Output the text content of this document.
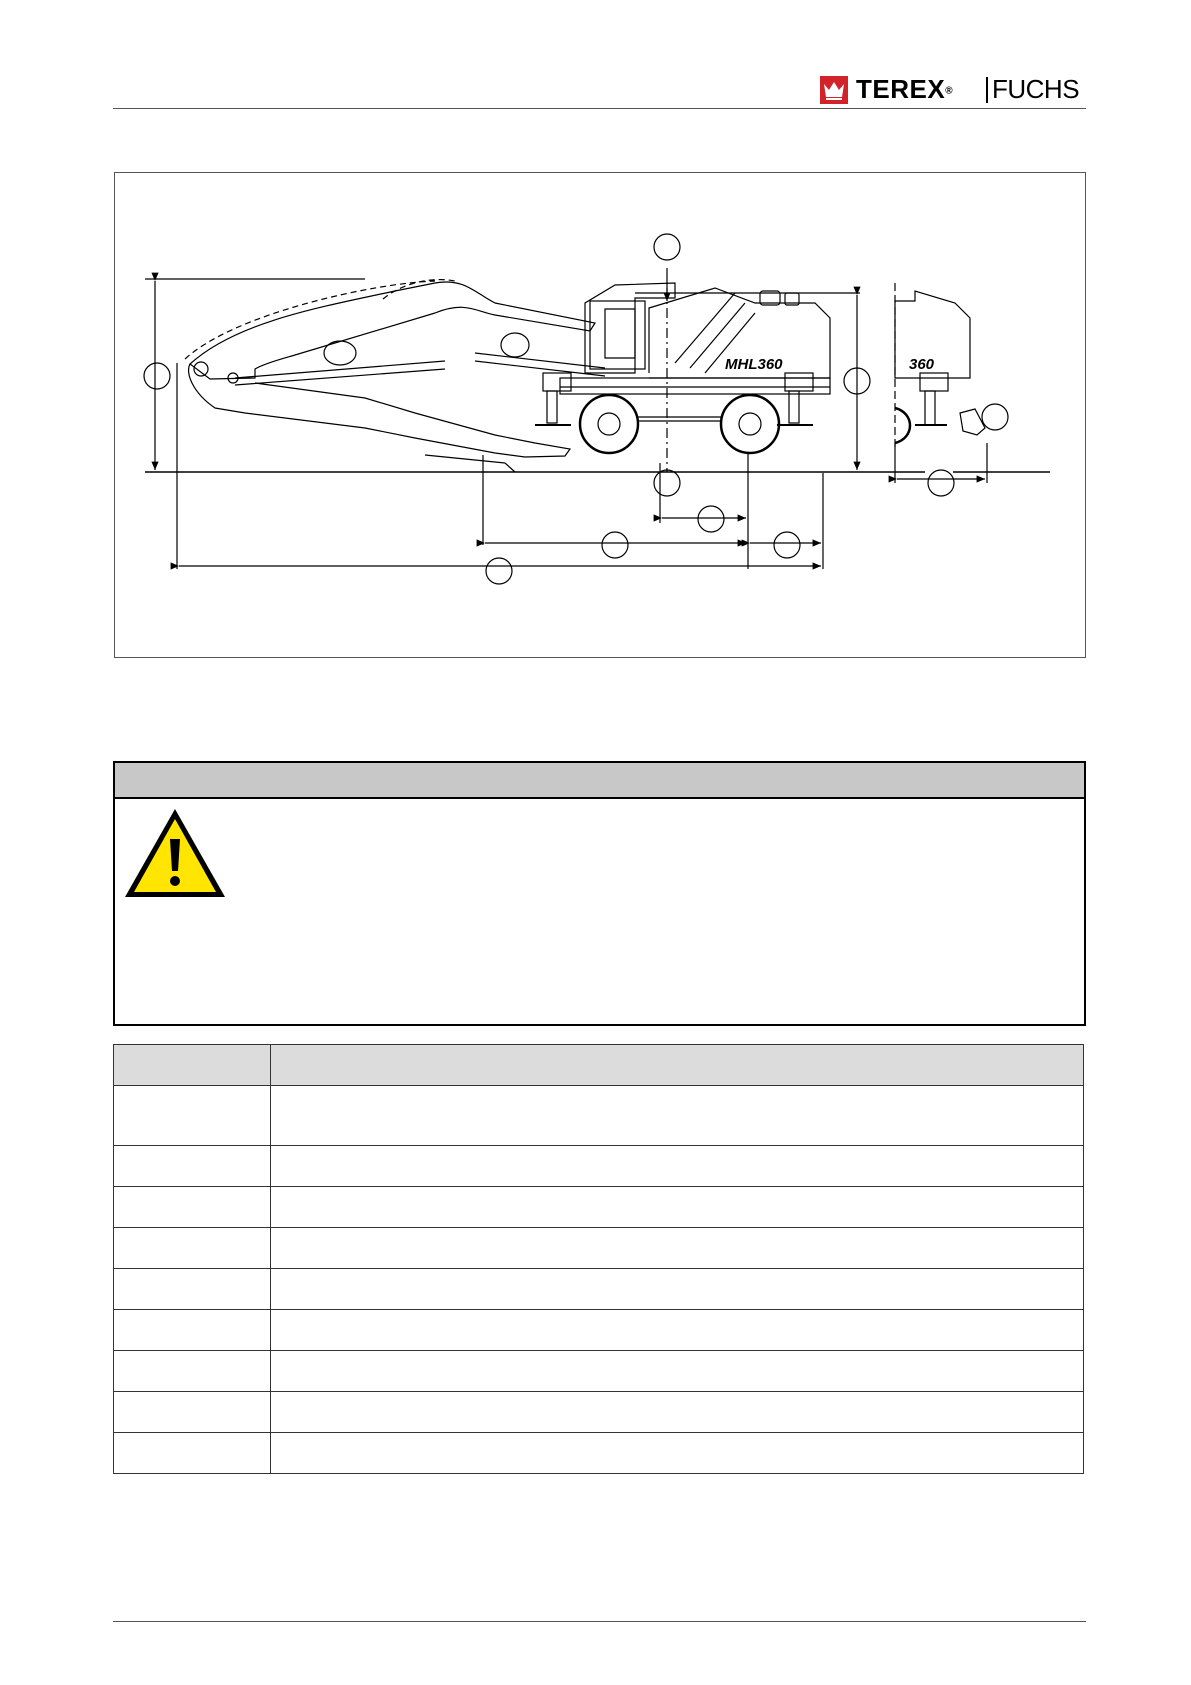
TEREX® FUCHS
MHL360	360
